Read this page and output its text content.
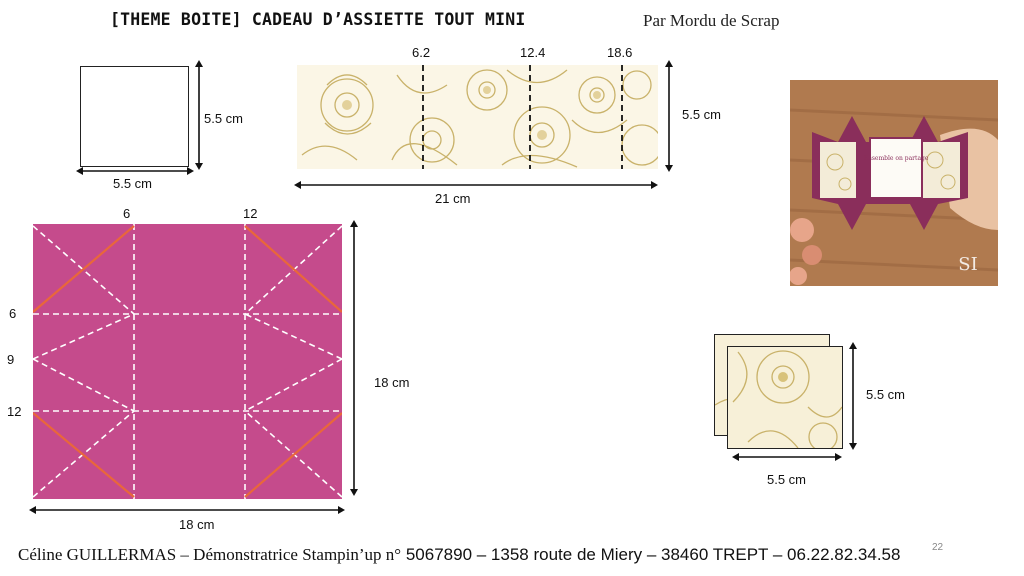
[THEME BOITE] CADEAU D’ASSIETTE TOUT MINI	Par Mordu de Scrap
5.5 cm
5.5 cm
6.2	12.4	18.6
5.5 cm
21 cm
6	12
6
9
12
18 cm
18 cm
Ensemble on partage
SI
5.5 cm
5.5 cm
Céline GUILLERMAS – Démonstratrice Stampin’up n° 5067890 – 1358 route de Miery – 38460 TREPT – 06.22.82.34.58	22
